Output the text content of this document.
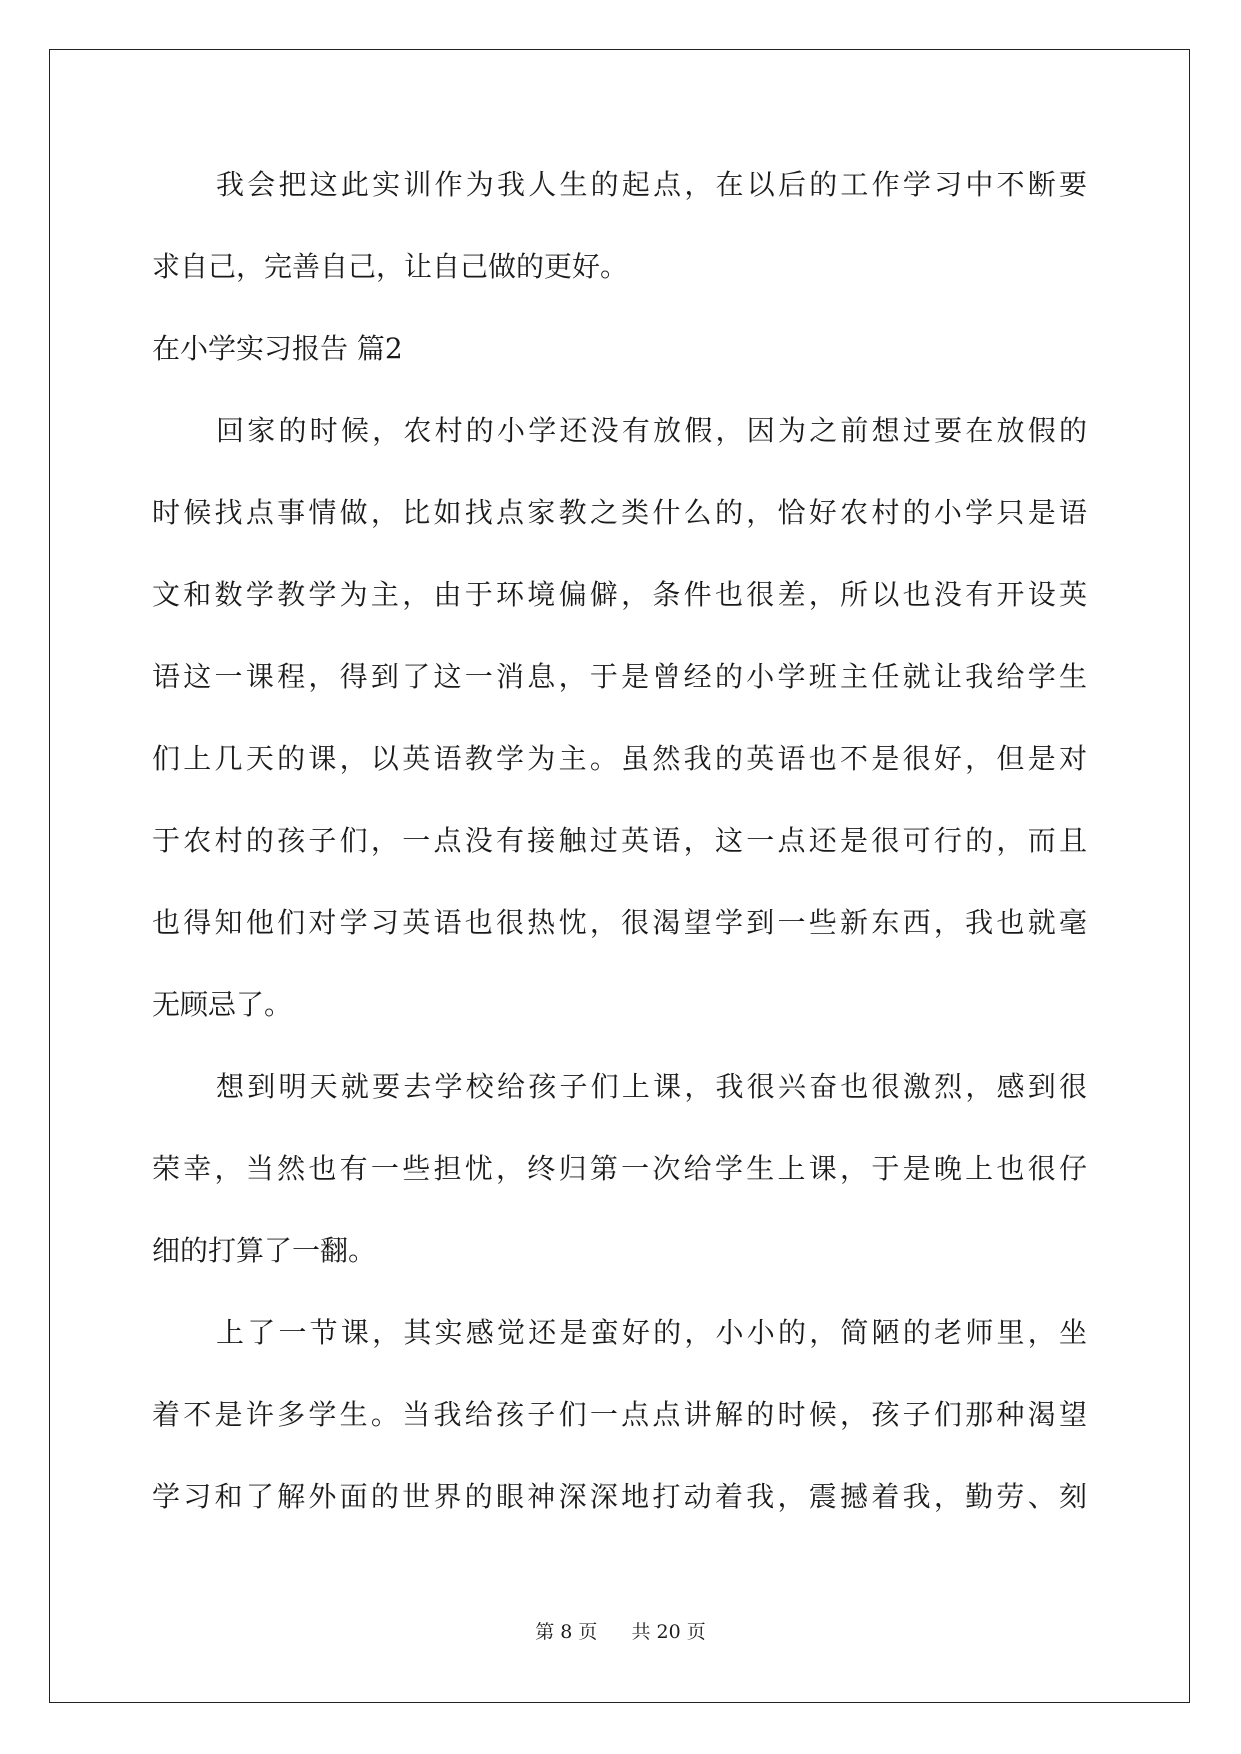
我会把这此实训作为我人生的起点，在以后的工作学习中不断要
求自己，完善自己，让自己做的更好。
在小学实习报告 篇2
回家的时候，农村的小学还没有放假，因为之前想过要在放假的
时候找点事情做，比如找点家教之类什么的，恰好农村的小学只是语
文和数学教学为主，由于环境偏僻，条件也很差，所以也没有开设英
语这一课程，得到了这一消息，于是曾经的小学班主任就让我给学生
们上几天的课，以英语教学为主。虽然我的英语也不是很好，但是对
于农村的孩子们，一点没有接触过英语，这一点还是很可行的，而且
也得知他们对学习英语也很热忱，很渴望学到一些新东西，我也就毫
无顾忌了。
想到明天就要去学校给孩子们上课，我很兴奋也很激烈，感到很
荣幸，当然也有一些担忧，终归第一次给学生上课，于是晚上也很仔
细的打算了一翻。
上了一节课，其实感觉还是蛮好的，小小的，简陋的老师里，坐
着不是许多学生。当我给孩子们一点点讲解的时候，孩子们那种渴望
学习和了解外面的世界的眼神深深地打动着我，震撼着我，勤劳、刻
第 8 页 共 20 页
